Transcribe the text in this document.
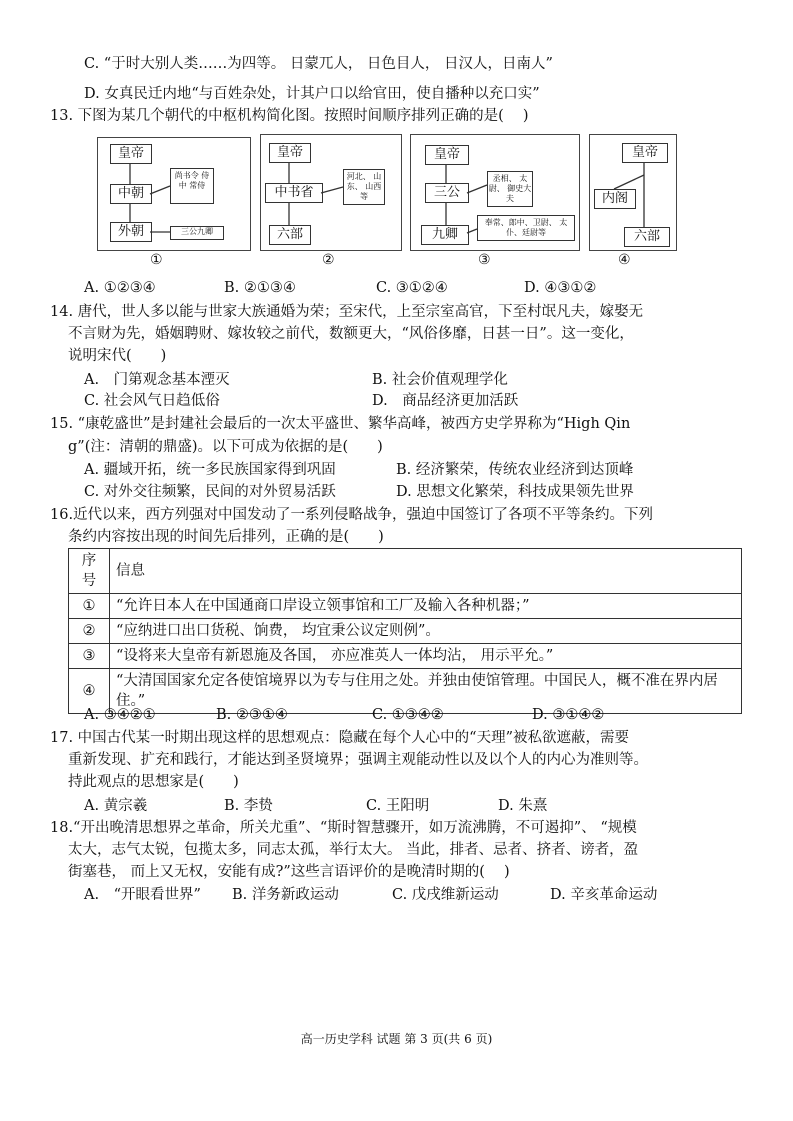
C. “于时大别人类……为四等。 日蒙兀人， 日色目人， 日汉人，日南人”
D. 女真民迁内地“与百姓杂处，计其户口以给官田，使自播种以充口实”
13. 下图为某几个朝代的中枢机构简化图。按照时间顺序排列正确的是(　 )
皇帝
中朝
外朝
尚书令 侍中 常侍
三公九卿
①
皇帝
中书省
六部
河北、 山东、 山西等
②
皇帝
三公
九卿
丞相、 太尉、 御史大夫
奉常、郎中、卫尉、 太仆、廷尉等
③
皇帝
内阁
六部
④
A. ①②③④	B. ②①③④	C. ③①②④	D. ④③①②
14. 唐代，世人多以能与世家大族通婚为荣；至宋代，上至宗室高官，下至村氓凡夫，嫁娶无
不言财为先，婚姻聘财、嫁妆较之前代，数额更大，“风俗侈靡，日甚一日”。这一变化，
说明宋代(　　)
A.　门第观念基本湮灭	B. 社会价值观理学化
C. 社会风气日趋低俗	D.　商品经济更加活跃
15. “康乾盛世”是封建社会最后的一次太平盛世、繁华高峰，被西方史学界称为“High Qin
g”(注：清朝的鼎盛)。以下可成为依据的是(　　)
A. 疆域开拓，统一多民族国家得到巩固	B. 经济繁荣，传统农业经济到达顶峰
C. 对外交往频繁，民间的对外贸易活跃	D. 思想文化繁荣，科技成果领先世界
16.近代以来，西方列强对中国发动了一系列侵略战争，强迫中国签订了各项不平等条约。下列
条约内容按出现的时间先后排列，正确的是(　　)
序号	信息
①	“允许日本人在中国通商口岸设立领事馆和工厂及输入各种机器；”
②	“应纳进口出口货税、饷费， 均宜秉公议定则例”。
③	“设将来大皇帝有新恩施及各国， 亦应准英人一体均沾， 用示平允。”
④	“大清国国家允定各使馆境界以为专与住用之处。并独由使馆管理。中国民人，概不准在界内居住。”
A. ③④②①	B. ②③①④	C. ①③④②	D. ③①④②
17. 中国古代某一时期出现这样的思想观点：隐藏在每个人心中的“天理”被私欲遮蔽，需要
重新发现、扩充和践行，才能达到圣贤境界；强调主观能动性以及以个人的内心为准则等。
持此观点的思想家是(　　)
A. 黄宗羲	B. 李贽	C. 王阳明	D. 朱熹
18.“开出晚清思想界之革命，所关尤重”、“斯时智慧骤开，如万流沸腾，不可遏抑”、 “规模
太大，志气太锐，包揽太多，同志太孤，举行太大。 当此，排者、忌者、挤者、谤者，盈
街塞巷， 而上又无权，安能有成?”这些言语评价的是晚清时期的(　 )
A.　“开眼看世界” B. 洋务新政运动	C. 戊戌维新运动	D. 辛亥革命运动
高一历史学科 试题 第 3 页(共 6 页)
